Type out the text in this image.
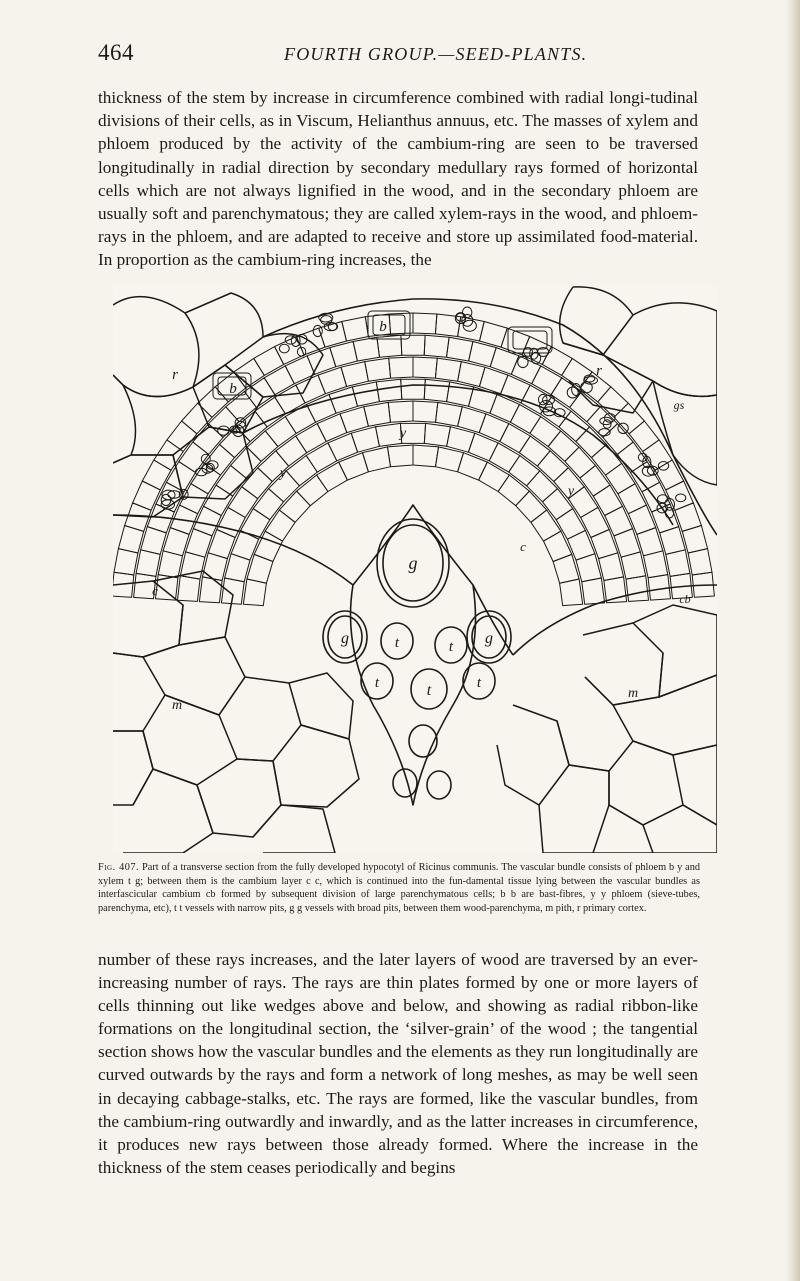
464	FOURTH GROUP.—SEED-PLANTS.

thickness of the stem by increase in circumference combined with radial longi-tudinal divisions of their cells, as in Viscum, Helianthus annuus, etc. The masses of xylem and phloem produced by the activity of the cambium-ring are seen to be traversed longitudinally in radial direction by secondary medullary rays formed of horizontal cells which are not always lignified in the wood, and in the secondary phloem are usually soft and parenchymatous; they are called xylem-rays in the wood, and phloem-rays in the phloem, and are adapted to receive and store up assimilated food-material. In proportion as the cambium-ring increases, the

r	r
b
b
y
y
y
c
c
cb
gs
g
g	g
t	t
t	t	t
m
m

Fig. 407. Part of a transverse section from the fully developed hypocotyl of Ricinus communis. The vascular bundle consists of phloem b y and xylem t g; between them is the cambium layer c c, which is continued into the fun-damental tissue lying between the vascular bundles as interfascicular cambium cb formed by subsequent division of large parenchymatous cells; b b are bast-fibres, y y phloem (sieve-tubes, parenchyma, etc), t t vessels with narrow pits, g g vessels with broad pits, between them wood-parenchyma, m pith, r primary cortex.

number of these rays increases, and the later layers of wood are traversed by an ever-increasing number of rays. The rays are thin plates formed by one or more layers of cells thinning out like wedges above and below, and showing as radial ribbon-like formations on the longitudinal section, the ‘silver-grain’ of the wood ; the tangential section shows how the vascular bundles and the elements as they run longitudinally are curved outwards by the rays and form a network of long meshes, as may be well seen in decaying cabbage-stalks, etc. The rays are formed, like the vascular bundles, from the cambium-ring outwardly and inwardly, and as the latter increases in circumference, it produces new rays between those already formed. Where the increase in the thickness of the stem ceases periodically and begins
